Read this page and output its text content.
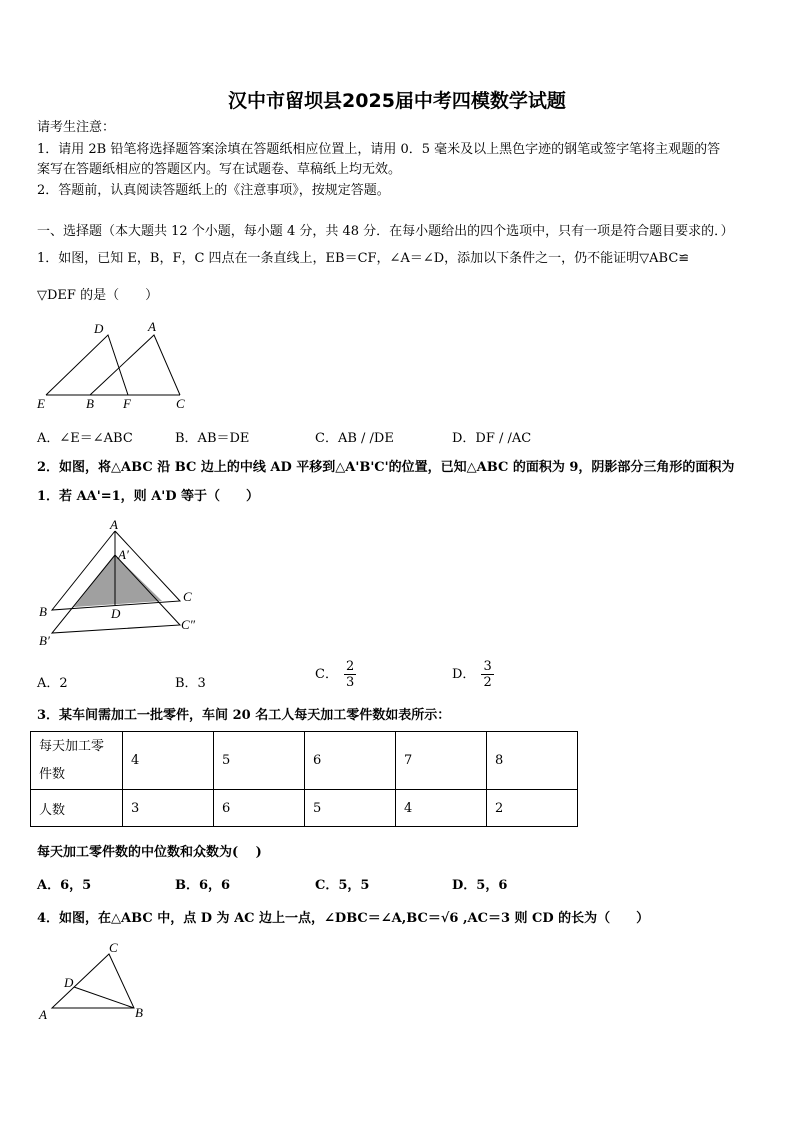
汉中市留坝县2025届中考四模数学试题
请考生注意：
1．请用 2B 铅笔将选择题答案涂填在答题纸相应位置上，请用 0．5 毫米及以上黑色字迹的钢笔或签字笔将主观题的答
案写在答题纸相应的答题区内。写在试题卷、草稿纸上均无效。
2．答题前，认真阅读答题纸上的《注意事项》，按规定答题。
一、选择题（本大题共 12 个小题，每小题 4 分，共 48 分．在每小题给出的四个选项中，只有一项是符合题目要求的．）
1．如图，已知 E，B，F，C 四点在一条直线上，EB＝CF，∠A＝∠D，添加以下条件之一，仍不能证明▽ABC≌
▽DEF 的是（　　）
D	A
E	B F	C
A．∠E＝∠ABC	B．AB＝DE	C．AB / /DE	D．DF / /AC
2．如图，将△ABC 沿 BC 边上的中线 AD 平移到△A'B'C'的位置，已知△ABC 的面积为 9，阴影部分三角形的面积为
1．若 AA'=1，则 A'D 等于（　　）
A
A′
B	D
C
B′
C″
A．2	B．3
C． $\frac{2}{3}$	D． $\frac{3}{2}$
3．某车间需加工一批零件，车间 20 名工人每天加工零件数如表所示：
每天加工零
件数	4	5	6	7	8
人数	3	6	5	4	2
每天加工零件数的中位数和众数为(　 )
A．6，5	B．6，6	C．5，5	D．5，6
4．如图，在△ABC 中，点 D 为 AC 边上一点，∠DBC＝∠A,BC＝√6 ,AC＝3 则 CD 的长为（　　）
C
D
A	B
